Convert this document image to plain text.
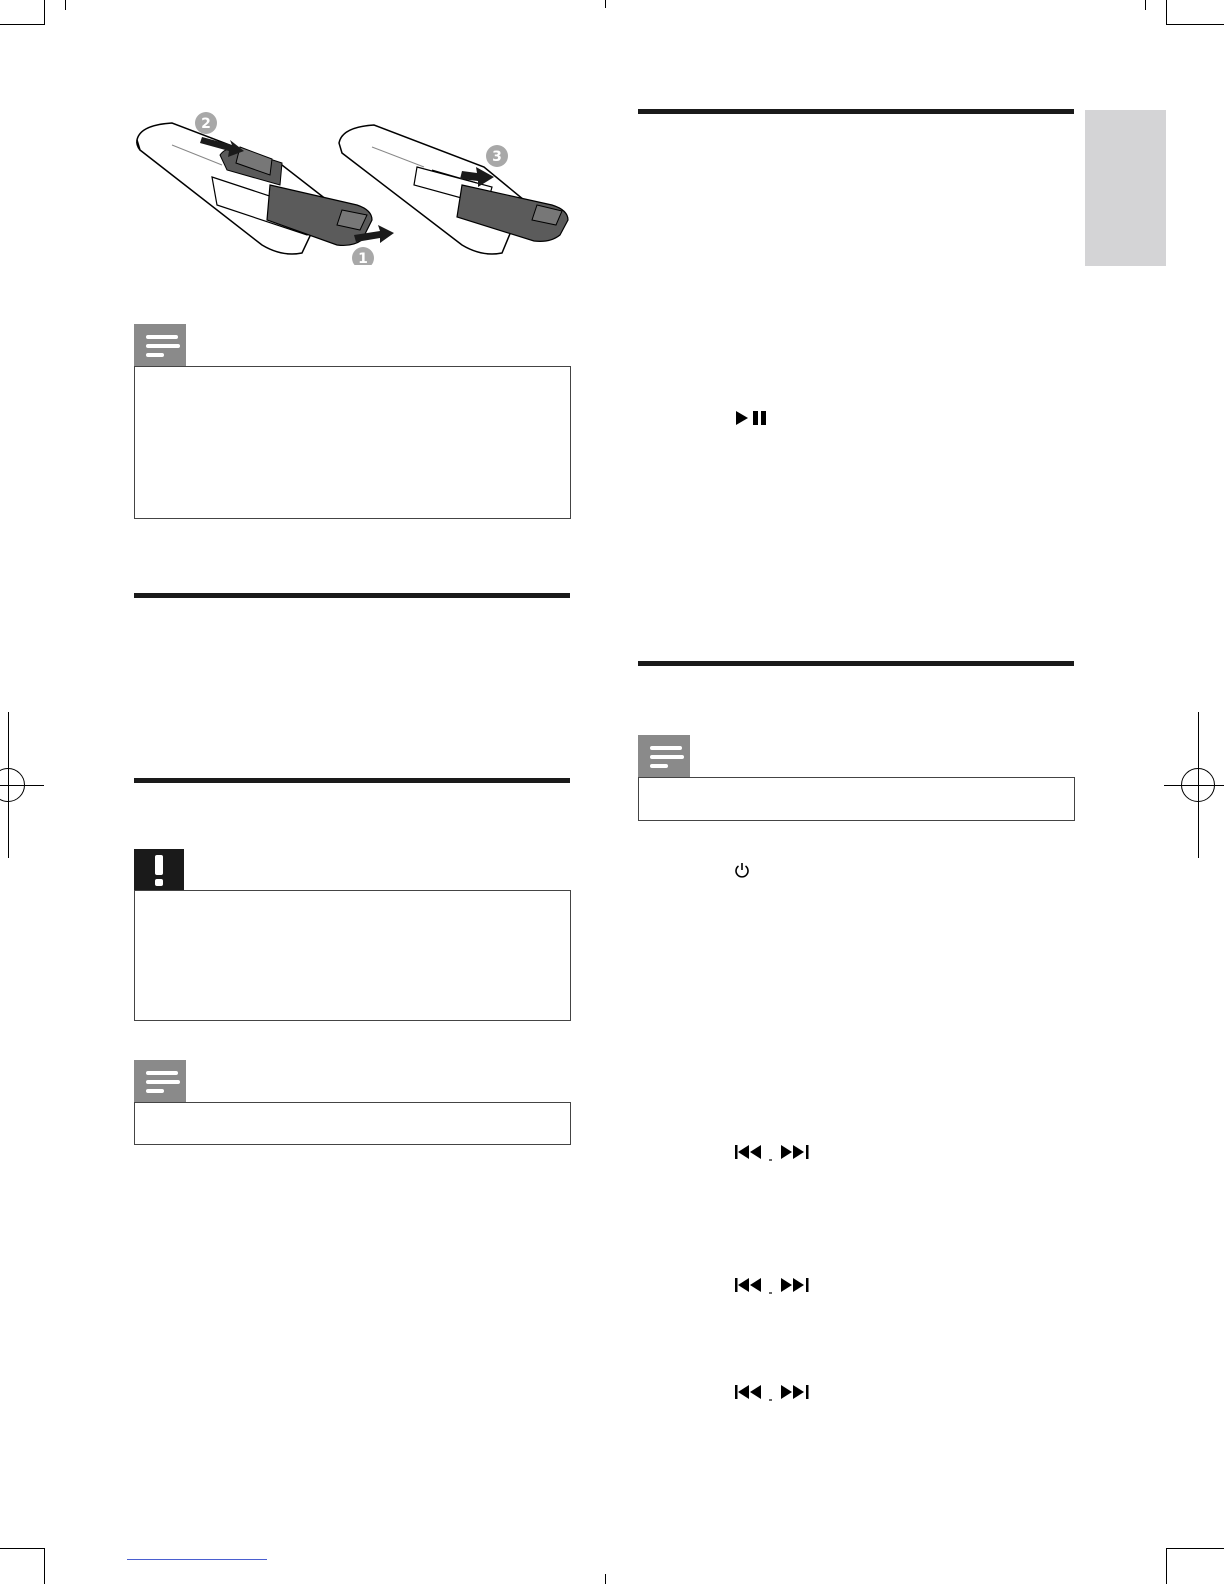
2
1
3
